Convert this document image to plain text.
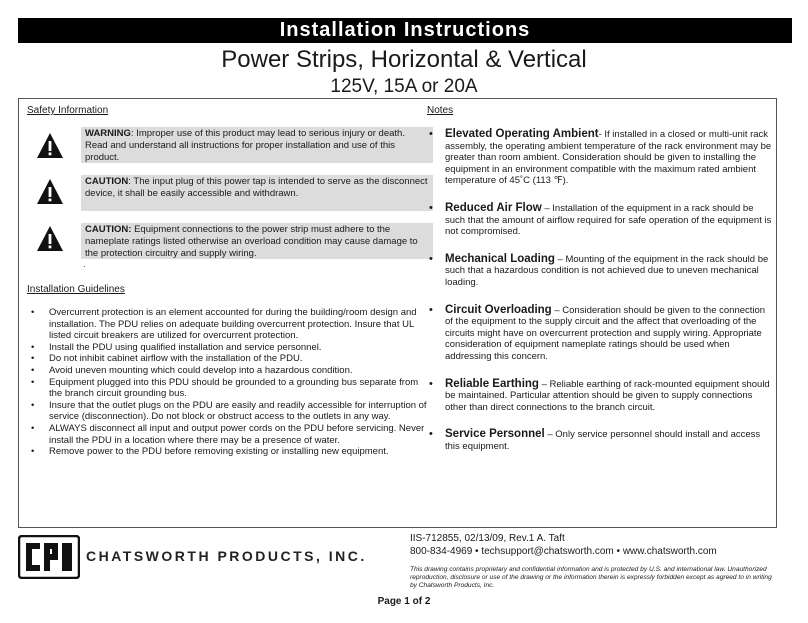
Installation Instructions
Power Strips, Horizontal & Vertical
125V, 15A or 20A
Safety Information	Notes
WARNING: Improper use of this product may lead to serious injury or death. Read and understand all instructions for proper installation and use of this product.
CAUTION: The input plug of this power tap is intended to serve as the disconnect device, it shall be easily accessible and withdrawn.
CAUTION: Equipment connections to the power strip must adhere to the nameplate ratings listed otherwise an overload condition may cause damage to the protection circuitry and supply wiring.
.
Installation Guidelines
• Overcurrent protection is an element accounted for during the building/room design and installation. The PDU relies on adequate building overcurrent protection. Insure that UL listed circuit breakers are utilized for overcurrent protection.
• Install the PDU using qualified installation and service personnel.
• Do not inhibit cabinet airflow with the installation of the PDU.
• Avoid uneven mounting which could develop into a hazardous condition.
• Equipment plugged into this PDU should be grounded to a grounding bus separate from the branch circuit grounding bus.
• Insure that the outlet plugs on the PDU are easily and readily accessible for interruption of service (disconnection). Do not block or obstruct access to the outlets in any way.
• ALWAYS disconnect all input and output power cords on the PDU before servicing. Never install the PDU in a location where there may be a presence of water.
• Remove power to the PDU before removing existing or installing new equipment.
• Elevated Operating Ambient- If installed in a closed or multi-unit rack assembly, the operating ambient temperature of the rack environment may be greater than room ambient. Consideration should be given to installing the equipment in an environment compatible with the maximum rated ambient temperature of 45˚C (113 ℉).
• Reduced Air Flow – Installation of the equipment in a rack should be such that the amount of airflow required for safe operation of the equipment is not compromised.
• Mechanical Loading – Mounting of the equipment in the rack should be such that a hazardous condition is not achieved due to uneven mechanical loading.
• Circuit Overloading – Consideration should be given to the connection of the equipment to the supply circuit and the affect that overloading of the circuits might have on overcurrent protection and supply wiring. Appropriate consideration of equipment nameplate ratings should be used when addressing this concern.
• Reliable Earthing – Reliable earthing of rack-mounted equipment should be maintained. Particular attention should be given to supply connections other than direct connections to the branch circuit.
• Service Personnel – Only service personnel should install and access this equipment.
CHATSWORTH PRODUCTS, INC.
IIS-712855, 02/13/09, Rev.1 A. Taft
800-834-4969 • techsupport@chatsworth.com • www.chatsworth.com
This drawing contains proprietary and confidential information and is protected by U.S. and international law. Unauthorized reproduction, disclosure or use of the drawing or the information therein is expressly forbidden except as agreed to in writing by Chatsworth Products, Inc.
Page 1 of 2
